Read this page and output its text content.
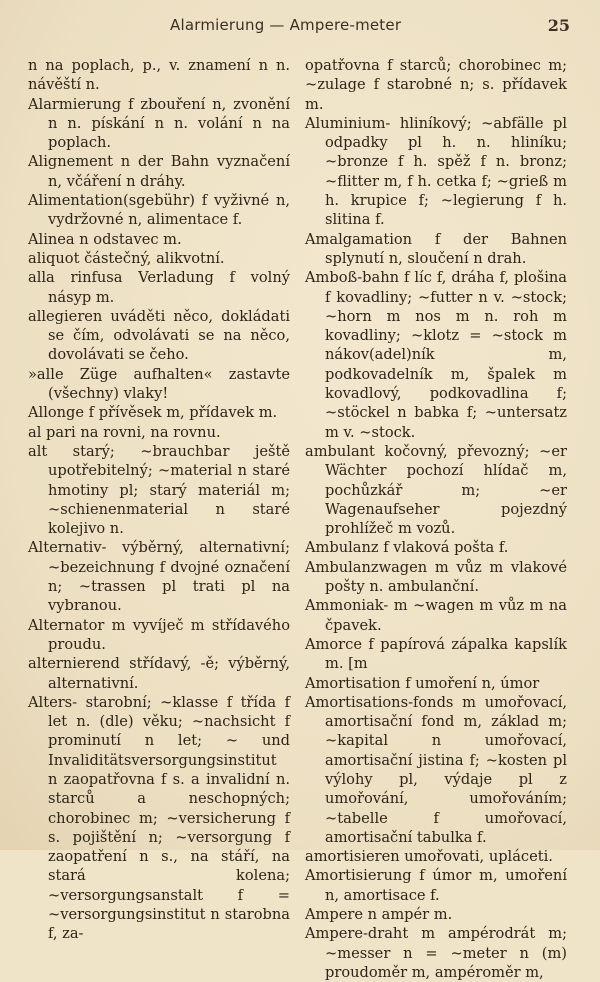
Alarmierung — Ampere-meter	25

n na poplach, p., v. znamení n n. návěští n.

Alarmierung f zbouření n, zvonění n n. pískání n n. volání n na poplach.

Alignement n der Bahn vyznačení n, včáření n dráhy.

Alimentation(sgebühr) f vyživné n, vydržovné n, alimentace f.

Alinea n odstavec m.

aliquot částečný, alikvotní.

alla rinfusa Verladung f volný násyp m.

allegieren uváděti něco, dokládati se čím, odvolávati se na něco, dovolávati se čeho.

»alle Züge aufhalten« zastavte (všechny) vlaky!

Allonge f přívěsek m, přídavek m.

al pari na rovni, na rovnu.

alt starý; ~brauchbar ještě upotřebitelný; ~material n staré hmotiny pl; starý materiál m; ~schienenmaterial n staré kolejivo n.

Alternativ- výběrný, alternativní; ~bezeichnung f dvojné označení n; ~trassen pl trati pl na vybranou.

Alternator m vyvíječ m střídavého proudu.

alternierend střídavý, -ě; výběrný, alternativní.

Alters- starobní; ~klasse f třída f let n. (dle) věku; ~nachsicht f prominutí n let; ~ und Invaliditätsversorgungsinstitut n zaopatřovna f s. a invalidní n. starců a neschopných; chorobinec m; ~versicherung f s. pojištění n; ~versorgung f zaopatření n s., na stáří, na stará kolena; ~versorgungsanstalt f = ~versorgungsinstitut n starobna f, za-

opatřovna f starců; chorobinec m; ~zulage f starobné n; s. přídavek m.

Aluminium- hliníkový; ~abfälle pl odpadky pl h. n. hliníku; ~bronze f h. spěž f n. bronz; ~flitter m, f h. cetka f; ~grieß m h. krupice f; ~legierung f h. slitina f.

Amalgamation f der Bahnen splynutí n, sloučení n drah.

Amboß-bahn f líc f, dráha f, plošina f kovadliny; ~futter n v. ~stock; ~horn m nos m n. roh m kovadliny; ~klotz = ~stock m nákov(adel)ník m, podkovadelník m, špalek m kovadlový, podkovadlina f; ~stöckel n babka f; ~untersatz m v. ~stock.

ambulant kočovný, převozný; ~er Wächter pochozí hlídač m, pochůzkář m; ~er Wagenaufseher pojezdný prohlížeč m vozů.

Ambulanz f vlaková pošta f.

Ambulanzwagen m vůz m vlakové pošty n. ambulanční.

Ammoniak- m ~wagen m vůz m na čpavek.

Amorce f papírová zápalka kapslík m. [m

Amortisation f umoření n, úmor

Amortisations-fonds m umořovací, amortisační fond m, základ m; ~kapital n umořovací, amortisační jistina f; ~kosten pl výlohy pl, výdaje pl z umořování, umořováním; ~tabelle f umořovací, amortisační tabulka f.

amortisieren umořovati, upláceti.

Amortisierung f úmor m, umoření n, amortisace f.

Ampere n ampér m.

Ampere-draht m ampérodrát m; ~messer n = ~meter n (m) proudoměr m, ampéroměr m,
